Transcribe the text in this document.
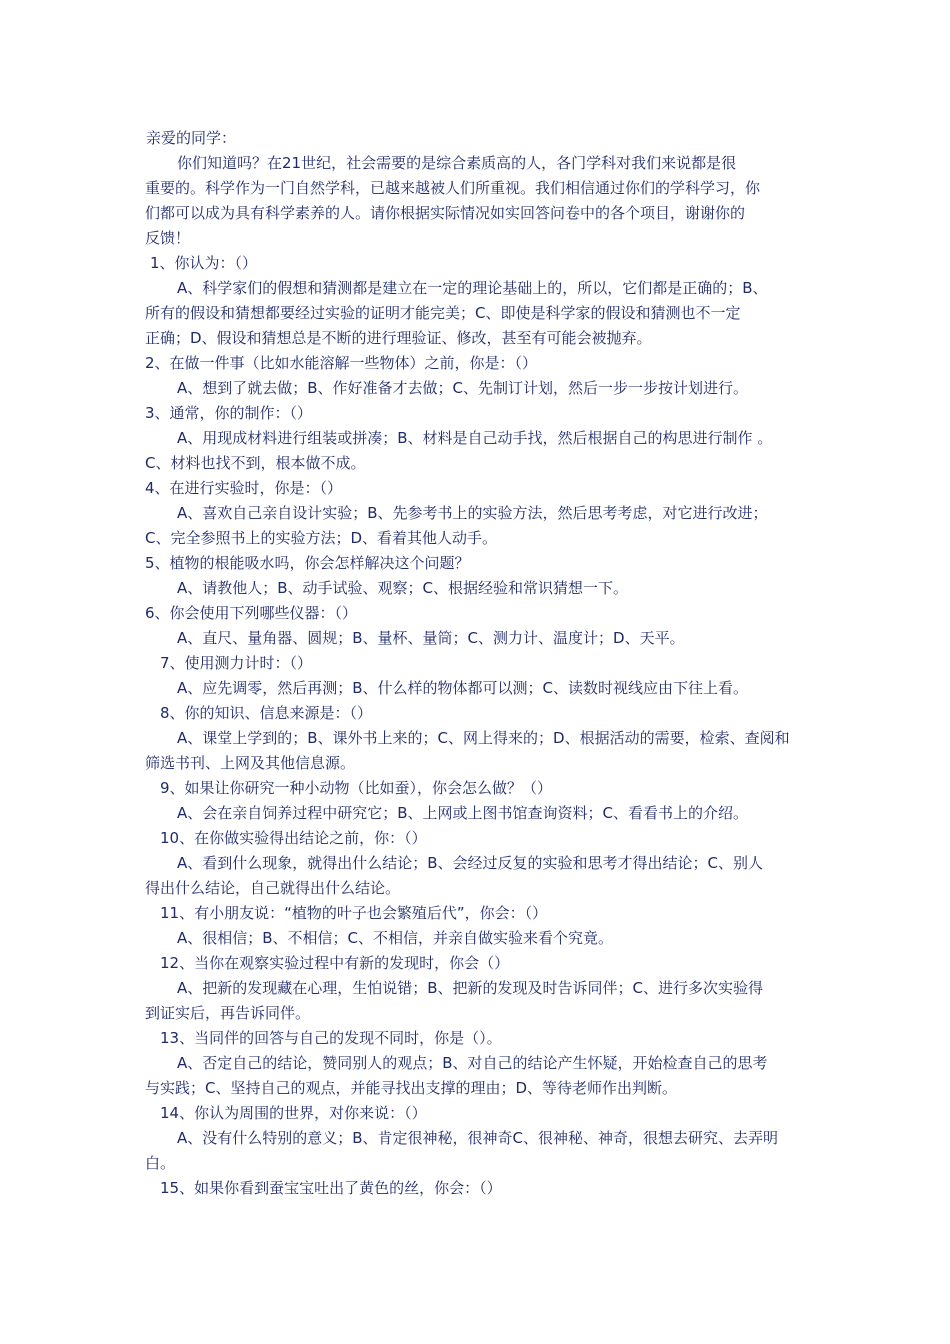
亲爱的同学：

你们知道吗？在21世纪，社会需要的是综合素质高的人，各门学科对我们来说都是很

重要的。科学作为一门自然学科，已越来越被人们所重视。我们相信通过你们的学科学习，你

们都可以成为具有科学素养的人。请你根据实际情况如实回答问卷中的各个项目，谢谢你的

反馈！

1、你认为：（）

A、科学家们的假想和猜测都是建立在一定的理论基础上的，所以，它们都是正确的；B、

所有的假设和猜想都要经过实验的证明才能完美；C、即使是科学家的假设和猜测也不一定

正确；D、假设和猜想总是不断的进行理验证、修改，甚至有可能会被抛弃。

2、在做一件事（比如水能溶解一些物体）之前，你是：（）

A、想到了就去做；B、作好准备才去做；C、先制订计划，然后一步一步按计划进行。

3、通常，你的制作：（）

A、用现成材料进行组装或拼凑；B、材料是自己动手找，然后根据自己的构思进行制作 。

C、材料也找不到，根本做不成。

4、在进行实验时，你是：（）

A、喜欢自己亲自设计实验；B、先参考书上的实验方法，然后思考考虑，对它进行改进；

C、完全参照书上的实验方法；D、看着其他人动手。

5、植物的根能吸水吗，你会怎样解决这个问题？

A、请教他人；B、动手试验、观察；C、根据经验和常识猜想一下。

6、你会使用下列哪些仪器：（）

A、直尺、量角器、圆规；B、量杯、量筒；C、测力计、温度计；D、天平。

7、使用测力计时：（）

A、应先调零，然后再测；B、什么样的物体都可以测；C、读数时视线应由下往上看。

8、你的知识、信息来源是：（）

A、课堂上学到的；B、课外书上来的；C、网上得来的；D、根据活动的需要，检索、查阅和

筛选书刊、上网及其他信息源。

9、如果让你研究一种小动物（比如蚕），你会怎么做？（）

A、会在亲自饲养过程中研究它；B、上网或上图书馆查询资料；C、看看书上的介绍。

10、在你做实验得出结论之前，你：（）

A、看到什么现象，就得出什么结论；B、会经过反复的实验和思考才得出结论；C、别人

得出什么结论，自己就得出什么结论。

11、有小朋友说：“植物的叶子也会繁殖后代”，你会：（）

A、很相信；B、不相信；C、不相信，并亲自做实验来看个究竟。

12、当你在观察实验过程中有新的发现时，你会（）

A、把新的发现藏在心理，生怕说错；B、把新的发现及时告诉同伴；C、进行多次实验得

到证实后，再告诉同伴。

13、当同伴的回答与自己的发现不同时，你是（）。

A、否定自己的结论，赞同别人的观点；B、对自己的结论产生怀疑，开始检查自己的思考

与实践；C、坚持自己的观点，并能寻找出支撑的理由；D、等待老师作出判断。

14、你认为周围的世界，对你来说：（）

A、没有什么特别的意义；B、肯定很神秘，很神奇C、很神秘、神奇，很想去研究、去弄明

白。

15、如果你看到蚕宝宝吐出了黄色的丝，你会：（）
